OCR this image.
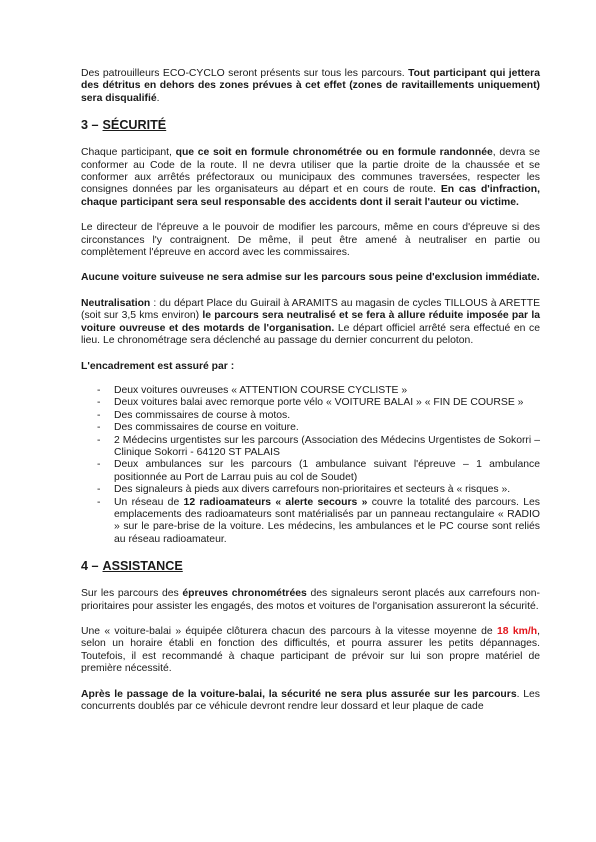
Des patrouilleurs ECO-CYCLO seront présents sur tous les parcours. Tout participant qui jettera des détritus en dehors des zones prévues à cet effet (zones de ravitaillements uniquement) sera disqualifié.

3 – SÉCURITÉ

Chaque participant, que ce soit en formule chronométrée ou en formule randonnée, devra se conformer au Code de la route. Il ne devra utiliser que la partie droite de la chaussée et se conformer aux arrêtés préfectoraux ou municipaux des communes traversées, respecter les consignes données par les organisateurs au départ et en cours de route. En cas d'infraction, chaque participant sera seul responsable des accidents dont il serait l'auteur ou victime.

Le directeur de l'épreuve a le pouvoir de modifier les parcours, même en cours d'épreuve si des circonstances l'y contraignent. De même, il peut être amené à neutraliser en partie ou complètement l'épreuve en accord avec les commissaires.

Aucune voiture suiveuse ne sera admise sur les parcours sous peine d'exclusion immédiate.

Neutralisation : du départ Place du Guirail à ARAMITS au magasin de cycles TILLOUS à ARETTE (soit sur 3,5 kms environ) le parcours sera neutralisé et se fera à allure réduite imposée par la voiture ouvreuse et des motards de l'organisation. Le départ officiel arrêté sera effectué en ce lieu. Le chronométrage sera déclenché au passage du dernier concurrent du peloton.

L'encadrement est assuré par :

- Deux voitures ouvreuses « ATTENTION COURSE CYCLISTE »
- Deux voitures balai avec remorque porte vélo « VOITURE BALAI » « FIN DE COURSE »
- Des commissaires de course à motos.
- Des commissaires de course en voiture.
- 2 Médecins urgentistes sur les parcours (Association des Médecins Urgentistes de Sokorri – Clinique Sokorri - 64120 ST PALAIS
- Deux ambulances sur les parcours (1 ambulance suivant l'épreuve – 1 ambulance positionnée au Port de Larrau puis au col de Soudet)
- Des signaleurs à pieds aux divers carrefours non-prioritaires et secteurs à « risques ».
- Un réseau de 12 radioamateurs « alerte secours » couvre la totalité des parcours. Les emplacements des radioamateurs sont matérialisés par un panneau rectangulaire « RADIO » sur le pare-brise de la voiture. Les médecins, les ambulances et le PC course sont reliés au réseau radioamateur.
4 – ASSISTANCE

Sur les parcours des épreuves chronométrées des signaleurs seront placés aux carrefours non-prioritaires pour assister les engagés, des motos et voitures de l'organisation assureront la sécurité.

Une « voiture-balai » équipée clôturera chacun des parcours à la vitesse moyenne de 18 km/h, selon un horaire établi en fonction des difficultés, et pourra assurer les petits dépannages. Toutefois, il est recommandé à chaque participant de prévoir sur lui son propre matériel de première nécessité.

Après le passage de la voiture-balai, la sécurité ne sera plus assurée sur les parcours. Les concurrents doublés par ce véhicule devront rendre leur dossard et leur plaque de cade
